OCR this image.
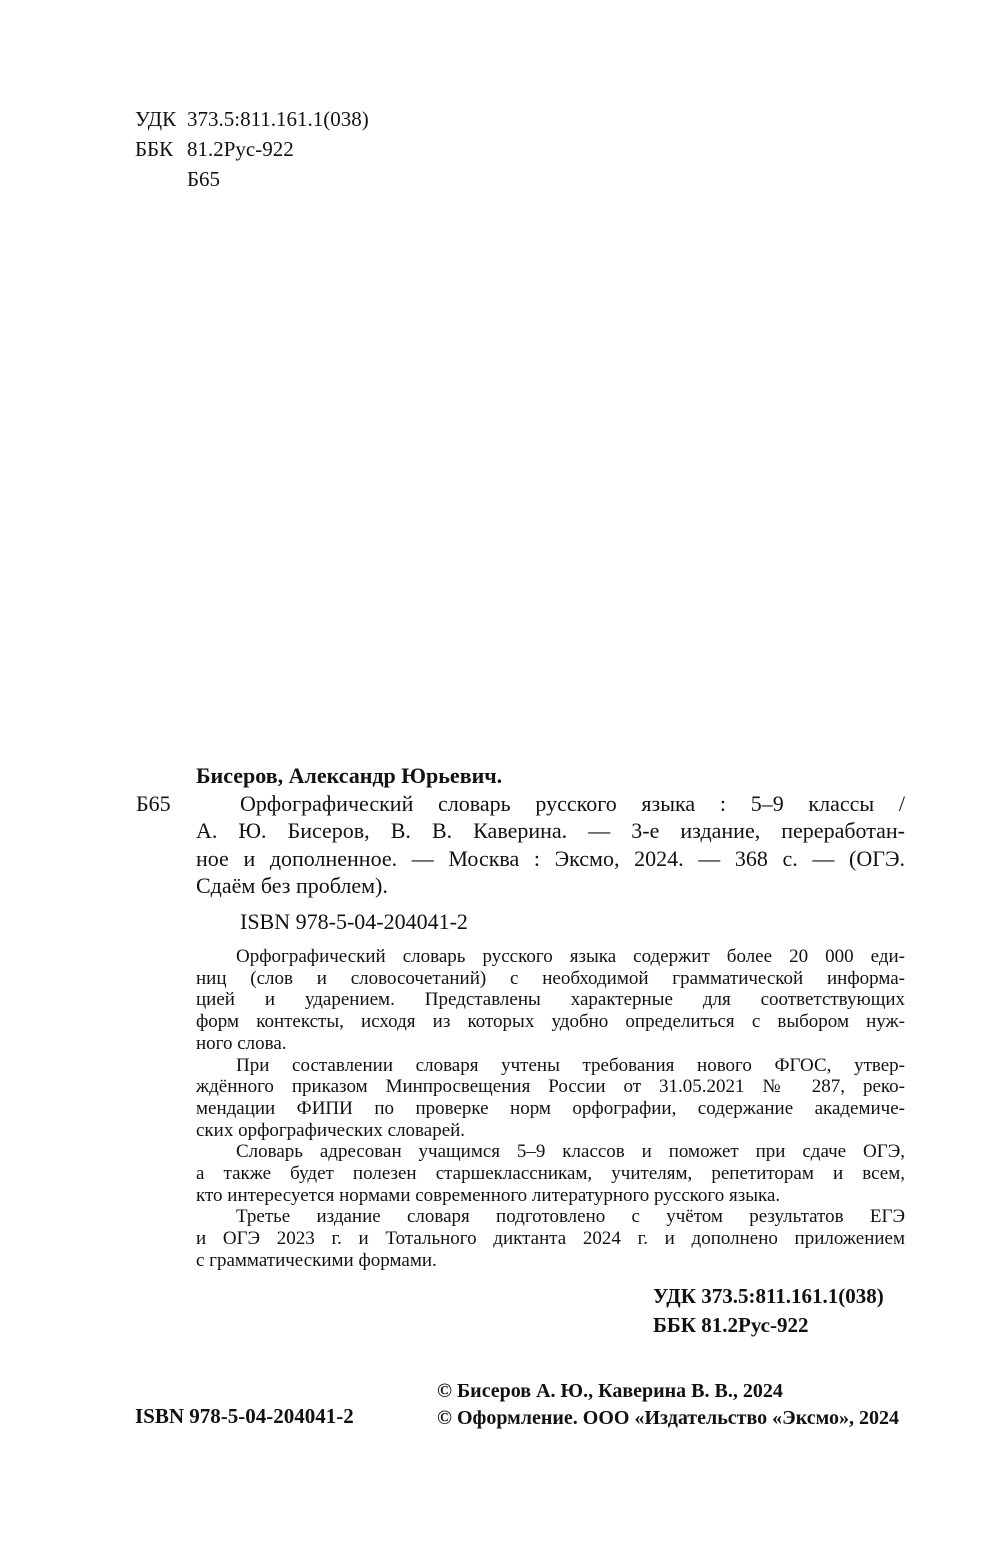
УДК 373.5:811.161.1(038)
ББК 81.2Рус-922
Б65
Б65
Бисеров, Александр Юрьевич.
Орфографический словарь русского языка : 5–9 классы /
А. Ю. Бисеров, В. В. Каверина. — 3-е издание, переработан-
ное и дополненное. — Москва : Эксмо, 2024. — 368 с. — (ОГЭ.
Сдаём без проблем).
ISBN 978-5-04-204041-2
Орфографический словарь русского языка содержит более 20 000 еди-
ниц (слов и словосочетаний) с необходимой грамматической информа-
цией и ударением. Представлены характерные для соответствующих
форм контексты, исходя из которых удобно определиться с выбором нуж-
ного слова.
При составлении словаря учтены требования нового ФГОС, утвер-
ждённого приказом Минпросвещения России от 31.05.2021 № 287, реко-
мендации ФИПИ по проверке норм орфографии, содержание академиче-
ских орфографических словарей.
Словарь адресован учащимся 5–9 классов и поможет при сдаче ОГЭ,
а также будет полезен старшеклассникам, учителям, репетиторам и всем,
кто интересуется нормами современного литературного русского языка.
Третье издание словаря подготовлено с учётом результатов ЕГЭ
и ОГЭ 2023 г. и Тотального диктанта 2024 г. и дополнено приложением
с грамматическими формами.
УДК 373.5:811.161.1(038)
ББК 81.2Рус-922
ISBN 978-5-04-204041-2
© Бисеров А. Ю., Каверина В. В., 2024
© Оформление. ООО «Издательство «Эксмо», 2024
